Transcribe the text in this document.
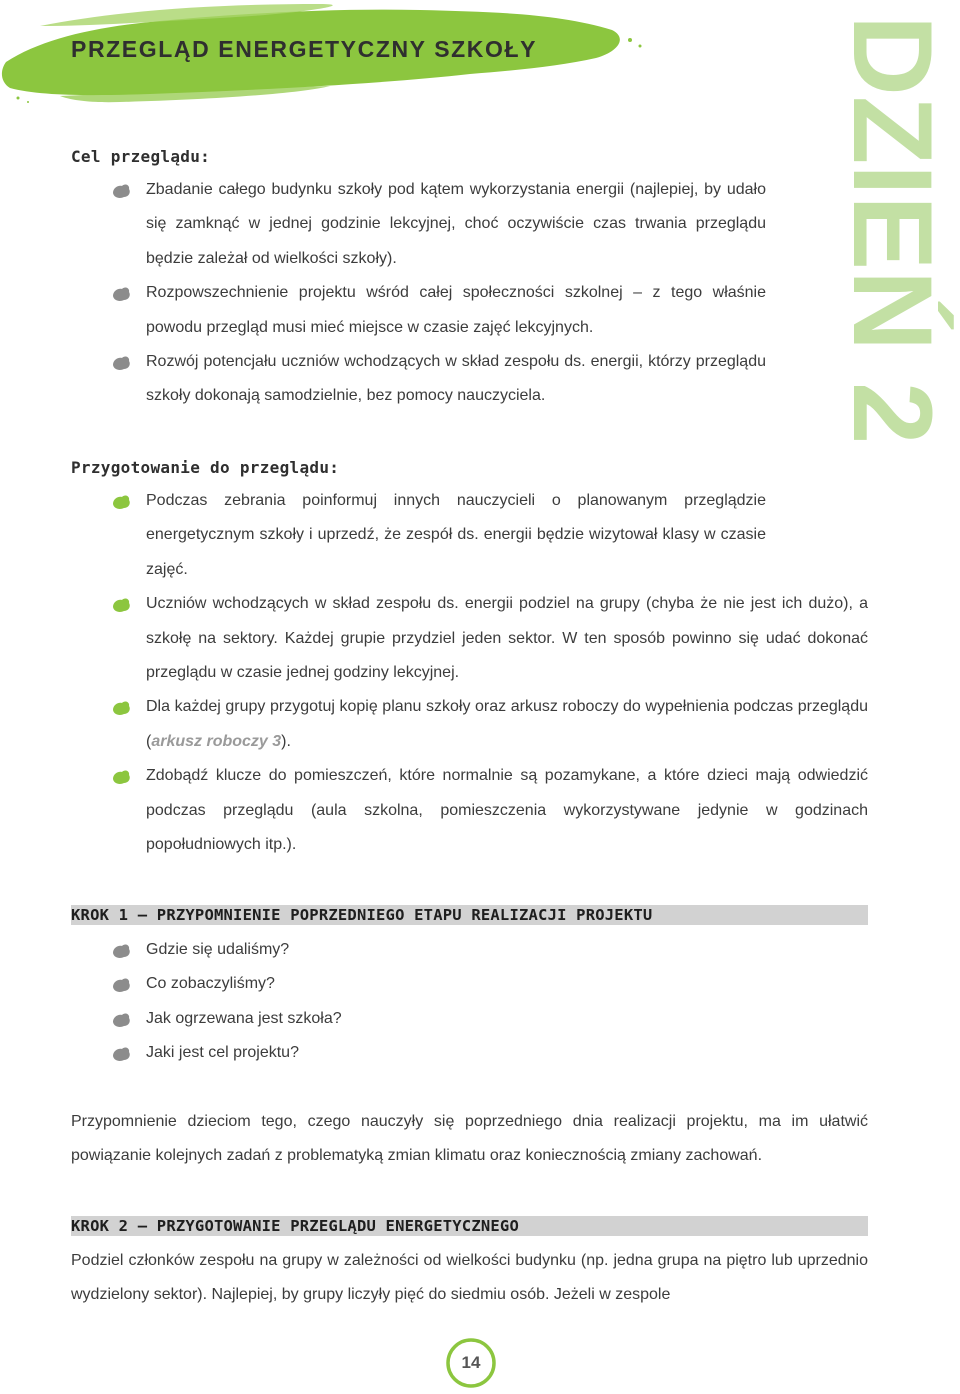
PRZEGLĄD ENERGETYCZNY SZKOŁY	DZIEŃ 2
Cel przeglądu:
Zbadanie całego budynku szkoły pod kątem wykorzystania energii (najlepiej, by udało się zamknąć w jednej godzinie lekcyjnej, choć oczywiście czas trwania przeglądu będzie zależał od wielkości szkoły).
Rozpowszechnienie projektu wśród całej społeczności szkolnej – z tego właśnie powodu przegląd musi mieć miejsce w czasie zajęć lekcyjnych.
Rozwój potencjału uczniów wchodzących w skład zespołu ds. energii, którzy przeglądu szkoły dokonają samodzielnie, bez pomocy nauczyciela.
Przygotowanie do przeglądu:
Podczas zebrania poinformuj innych nauczycieli o planowanym przeglądzie energetycznym szkoły i uprzedź, że zespół ds. energii będzie wizytował klasy w czasie zajęć.
Uczniów wchodzących w skład zespołu ds. energii podziel na grupy (chyba że nie jest ich dużo), a szkołę na sektory. Każdej grupie przydziel jeden sektor. W ten sposób powinno się udać dokonać przeglądu w czasie jednej godziny lekcyjnej.
Dla każdej grupy przygotuj kopię planu szkoły oraz arkusz roboczy do wypełnienia podczas przeglądu (arkusz roboczy 3).
Zdobądź klucze do pomieszczeń, które normalnie są pozamykane, a które dzieci mają odwiedzić podczas przeglądu (aula szkolna, pomieszczenia wykorzystywane jedynie w godzinach popołudniowych itp.).
KROK 1 – PRZYPOMNIENIE POPRZEDNIEGO ETAPU REALIZACJI PROJEKTU
Gdzie się udaliśmy?
Co zobaczyliśmy?
Jak ogrzewana jest szkoła?
Jaki jest cel projektu?

Przypomnienie dzieciom tego, czego nauczyły się poprzedniego dnia realizacji projektu, ma im ułatwić powiązanie kolejnych zadań z problematyką zmian klimatu oraz koniecznością zmiany zachowań.

KROK 2 – PRZYGOTOWANIE PRZEGLĄDU ENERGETYCZNEGO

Podziel członków zespołu na grupy w zależności od wielkości budynku (np. jedna grupa na piętro lub uprzednio wydzielony sektor). Najlepiej, by grupy liczyły pięć do siedmiu osób. Jeżeli w zespole

14
